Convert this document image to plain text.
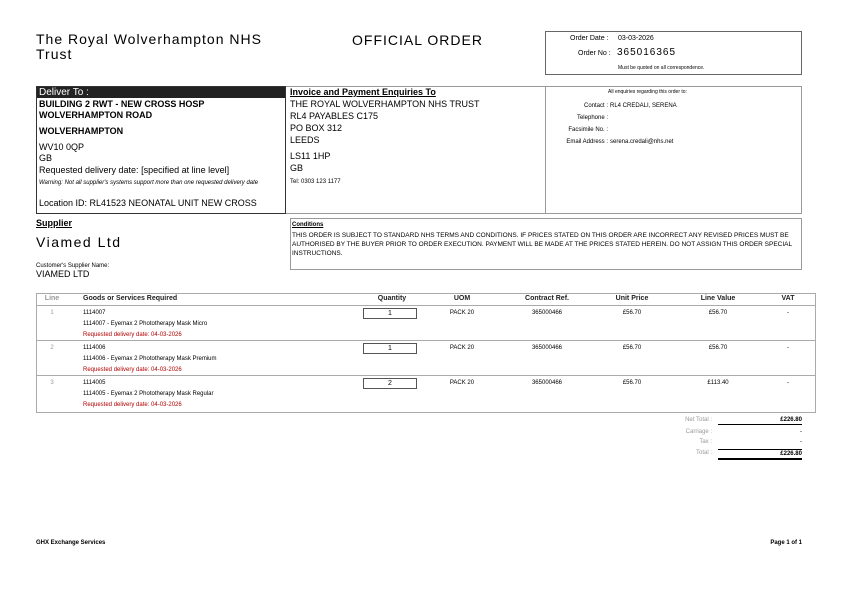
The Royal Wolverhampton NHS
Trust
OFFICIAL ORDER	Order Date : 03-03-2026
Order No : 365016365
Must be quoted on all correspondence.
Deliver To :
BUILDING 2 RWT - NEW CROSS HOSP
WOLVERHAMPTON ROAD
WOLVERHAMPTON
WV10 0QP
GB
Requested delivery date: [specified at line level]
Warning: Not all supplier's systems support more than one requested delivery date
Location ID: RL41523 NEONATAL UNIT NEW CROSS
Invoice and Payment Enquiries To
THE ROYAL WOLVERHAMPTON NHS TRUST
RL4 PAYABLES C175
PO BOX 312
LEEDS
LS11 1HP
GB
Tel: 0303 123 1177
All enquiries regarding this order to:
Contact : RL4 CREDALI, SERENA
Telephone :
Facsimile No. :
Email Address : serena.credali@nhs.net
Supplier
Viamed Ltd
Customer's Supplier Name:
VIAMED LTD
Conditions
THIS ORDER IS SUBJECT TO STANDARD NHS TERMS AND CONDITIONS. IF PRICES STATED ON THIS ORDER ARE INCORRECT ANY REVISED PRICES MUST BE AUTHORISED BY THE BUYER PRIOR TO ORDER EXECUTION. PAYMENT WILL BE MADE AT THE PRICES STATED HEREIN. DO NOT ASSIGN THIS ORDER SPECIAL INSTRUCTIONS.
Line	Goods or Services Required	Quantity	UOM	Contract Ref.	Unit Price	Line Value	VAT
1	1114007
1114007 - Eyemax 2 Phototherapy Mask Micro
Requested delivery date: 04-03-2026
1	PACK 20	365000466	£56.70	£56.70	-
2	1114006
1114006 - Eyemax 2 Phototherapy Mask Premium
Requested delivery date: 04-03-2026
1	PACK 20	365000466	£56.70	£56.70	-
3	1114005
1114005 - Eyemax 2 Phototherapy Mask Regular
Requested delivery date: 04-03-2026
2	PACK 20	365000466	£56.70	£113.40	-
Net Total :	£226.80
Carriage :	-
Tax :	-
Total :	£226.80
GHX Exchange Services	Page 1 of 1
